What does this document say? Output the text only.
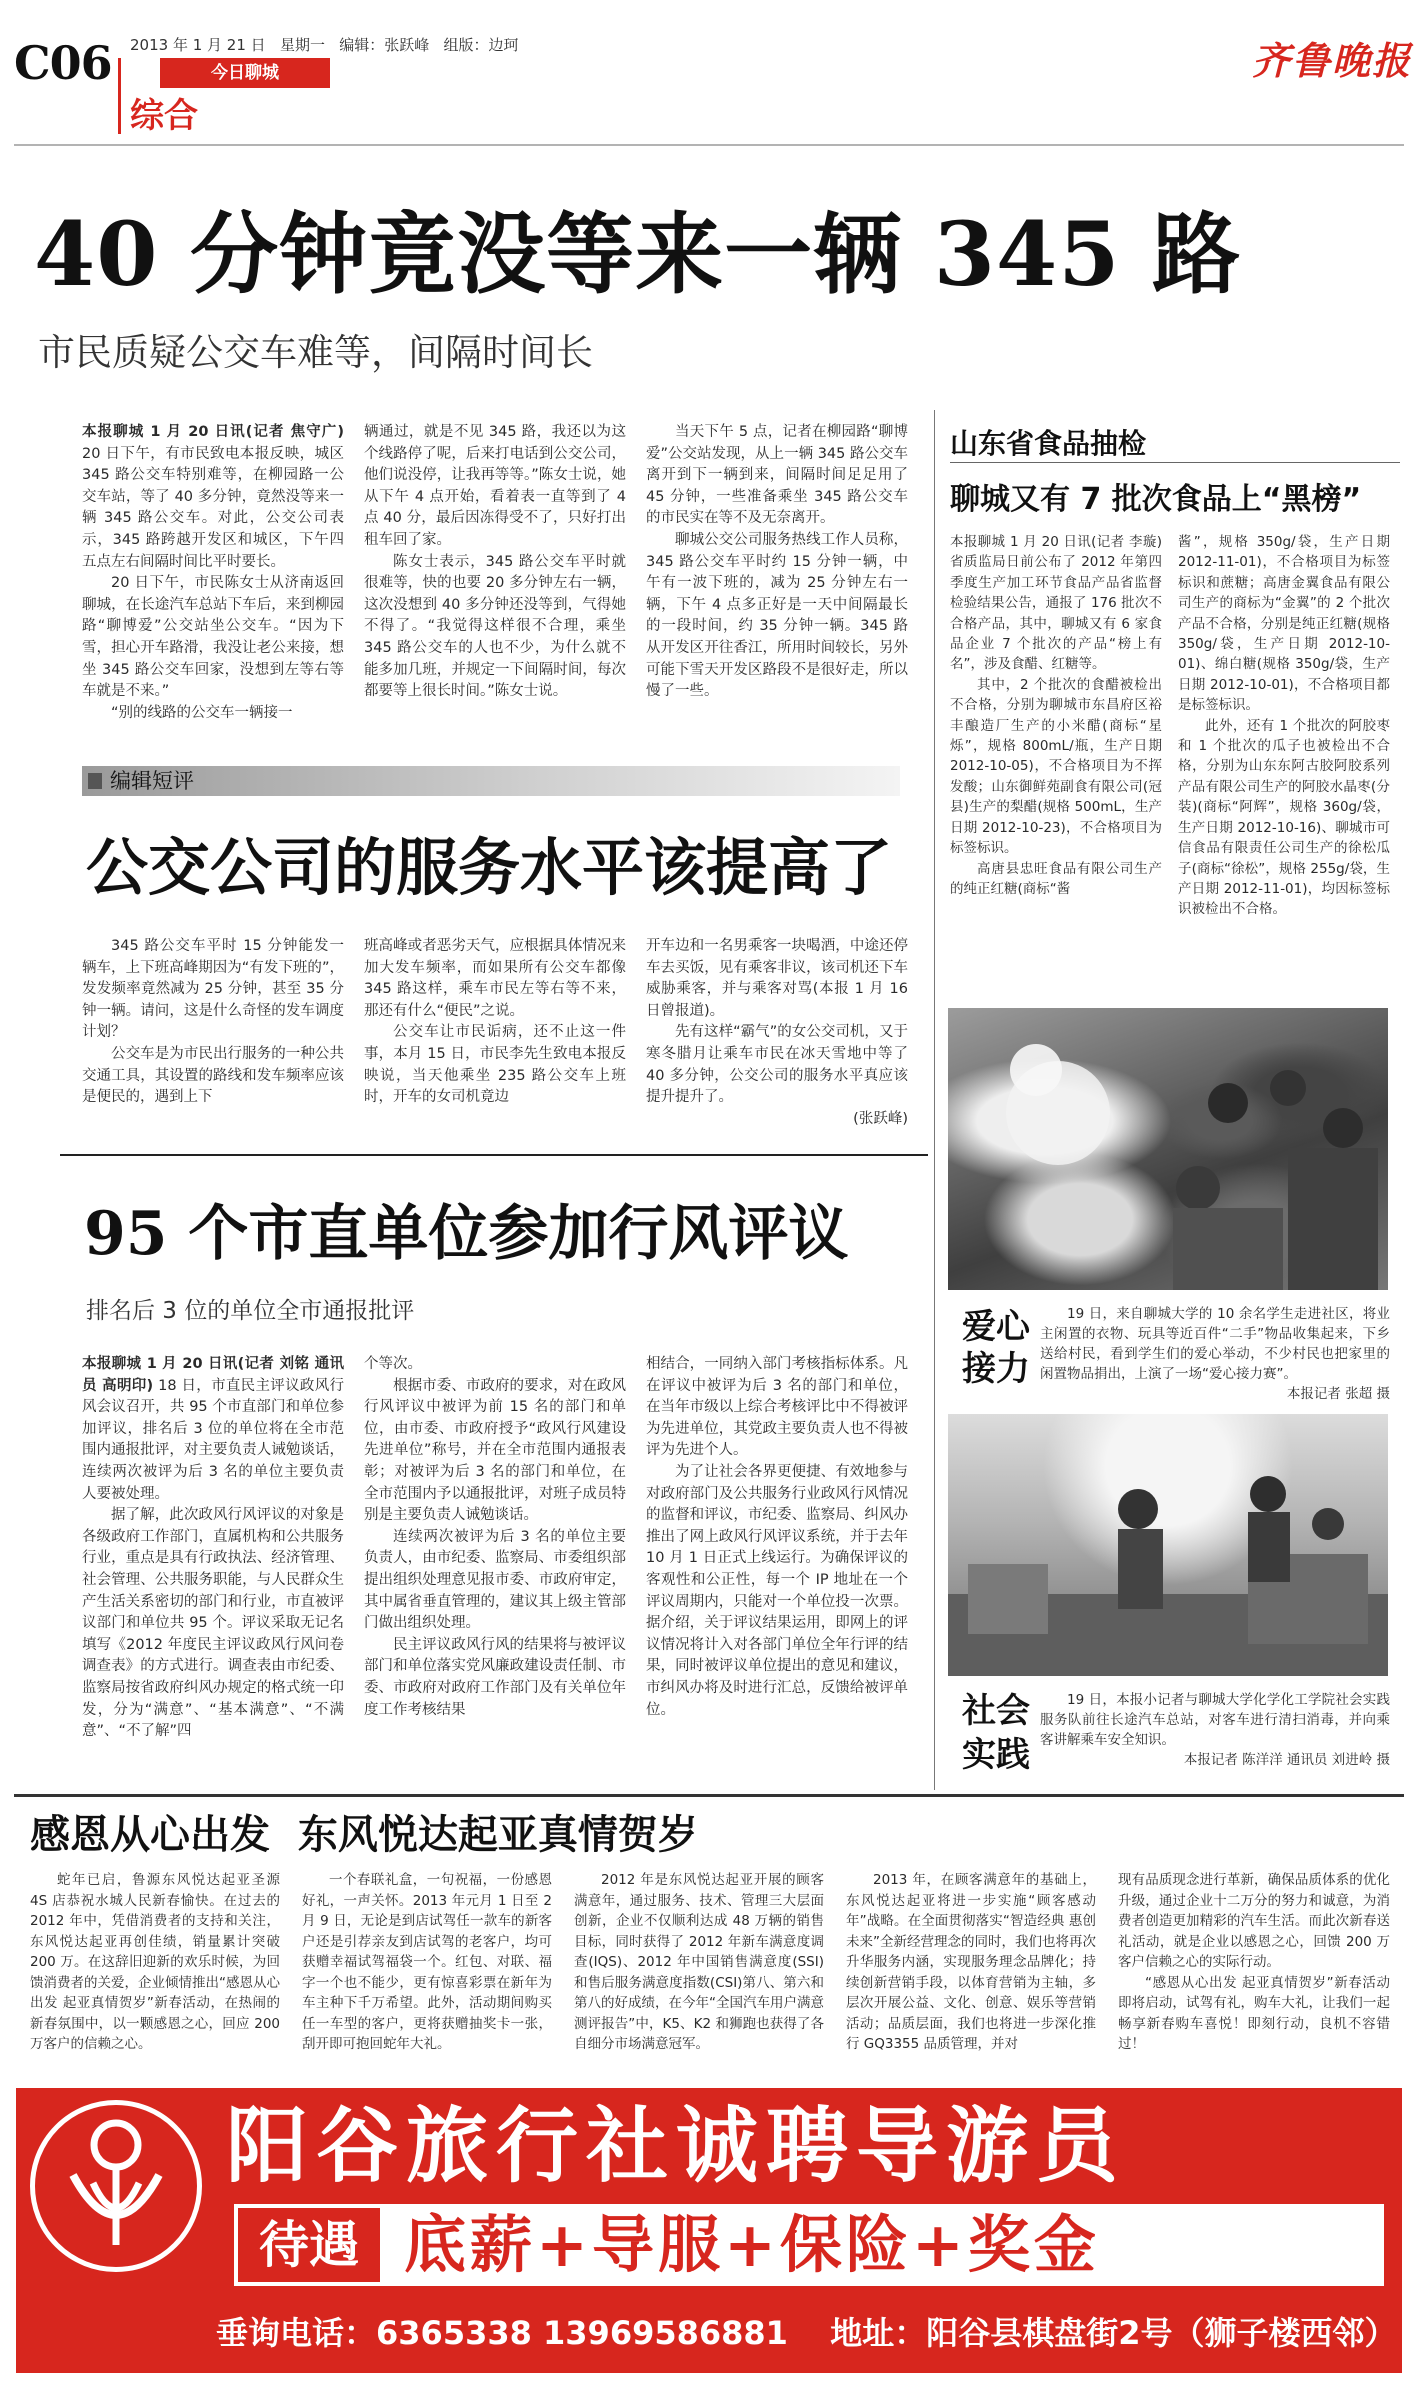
C06 2013 年 1 月 21 日   星期一   编辑：张跃峰   组版：边珂
今日聊城
综合
齐鲁晚报
40 分钟竟没等来一辆 345 路
市民质疑公交车难等，间隔时间长

本报聊城 1 月 20 日讯(记者 焦守广) 20 日下午，有市民致电本报反映，城区 345 路公交车特别难等，在柳园路一公交车站，等了 40 多分钟，竟然没等来一辆 345 路公交车。对此，公交公司表示，345 路跨越开发区和城区，下午四五点左右间隔时间比平时要长。

20 日下午，市民陈女士从济南返回聊城，在长途汽车总站下车后，来到柳园路“聊博爱”公交站坐公交车。“因为下雪，担心开车路滑，我没让老公来接，想坐 345 路公交车回家，没想到左等右等车就是不来。”

“别的线路的公交车一辆接一

辆通过，就是不见 345 路，我还以为这个线路停了呢，后来打电话到公交公司，他们说没停，让我再等等。”陈女士说，她从下午 4 点开始，看着表一直等到了 4 点 40 分，最后因冻得受不了，只好打出租车回了家。

陈女士表示，345 路公交车平时就很难等，快的也要 20 多分钟左右一辆，这次没想到 40 多分钟还没等到，气得她不得了。“我觉得这样很不合理，乘坐 345 路公交车的人也不少，为什么就不能多加几班，并规定一下间隔时间，每次都要等上很长时间。”陈女士说。

当天下午 5 点，记者在柳园路“聊博爱”公交站发现，从上一辆 345 路公交车离开到下一辆到来，间隔时间足足用了 45 分钟，一些准备乘坐 345 路公交车的市民实在等不及无奈离开。

聊城公交公司服务热线工作人员称，345 路公交车平时约 15 分钟一辆，中午有一波下班的，减为 25 分钟左右一辆，下午 4 点多正好是一天中间隔最长的一段时间，约 35 分钟一辆。345 路从开发区开往香江，所用时间较长，另外可能下雪天开发区路段不是很好走，所以慢了一些。

编辑短评
公交公司的服务水平该提高了

345 路公交车平时 15 分钟能发一辆车，上下班高峰期因为“有发下班的”，发发频率竟然减为 25 分钟，甚至 35 分钟一辆。请问，这是什么奇怪的发车调度计划？

公交车是为市民出行服务的一种公共交通工具，其设置的路线和发车频率应该是便民的，遇到上下

班高峰或者恶劣天气，应根据具体情况来加大发车频率，而如果所有公交车都像 345 路这样，乘车市民左等右等不来，那还有什么“便民”之说。

公交车让市民诟病，还不止这一件事，本月 15 日，市民李先生致电本报反映说，当天他乘坐 235 路公交车上班时，开车的女司机竟边

开车边和一名男乘客一块喝酒，中途还停车去买饭，见有乘客非议，该司机还下车威胁乘客，并与乘客对骂(本报 1 月 16 日曾报道)。

先有这样“霸气”的女公交司机，又于寒冬腊月让乘车市民在冰天雪地中等了 40 多分钟，公交公司的服务水平真应该提升提升了。

(张跃峰)

95 个市直单位参加行风评议
排名后 3 位的单位全市通报批评

本报聊城 1 月 20 日讯(记者 刘铭 通讯员 高明印) 18 日，市直民主评议政风行风会议召开，共 95 个市直部门和单位参加评议，排名后 3 位的单位将在全市范围内通报批评，对主要负责人诫勉谈话，连续两次被评为后 3 名的单位主要负责人要被处理。

据了解，此次政风行风评议的对象是各级政府工作部门，直属机构和公共服务行业，重点是具有行政执法、经济管理、社会管理、公共服务职能，与人民群众生产生活关系密切的部门和行业，市直被评议部门和单位共 95 个。评议采取无记名填写《2012 年度民主评议政风行风问卷调查表》的方式进行。调查表由市纪委、监察局按省政府纠风办规定的格式统一印发，分为“满意”、“基本满意”、“不满意”、“不了解”四

个等次。

根据市委、市政府的要求，对在政风行风评议中被评为前 15 名的部门和单位，由市委、市政府授予“政风行风建设先进单位”称号，并在全市范围内通报表彰；对被评为后 3 名的部门和单位，在全市范围内予以通报批评，对班子成员特别是主要负责人诫勉谈话。

连续两次被评为后 3 名的单位主要负责人，由市纪委、监察局、市委组织部提出组织处理意见报市委、市政府审定，其中属省垂直管理的，建议其上级主管部门做出组织处理。

民主评议政风行风的结果将与被评议部门和单位落实党风廉政建设责任制、市委、市政府对政府工作部门及有关单位年度工作考核结果

相结合，一同纳入部门考核指标体系。凡在评议中被评为后 3 名的部门和单位，在当年市级以上综合考核评比中不得被评为先进单位，其党政主要负责人也不得被评为先进个人。

为了让社会各界更便捷、有效地参与对政府部门及公共服务行业政风行风情况的监督和评议，市纪委、监察局、纠风办推出了网上政风行风评议系统，并于去年 10 月 1 日正式上线运行。为确保评议的客观性和公正性，每一个 IP 地址在一个评议周期内，只能对一个单位投一次票。据介绍，关于评议结果运用，即网上的评议情况将计入对各部门单位全年行评的结果，同时被评议单位提出的意见和建议，市纠风办将及时进行汇总，反馈给被评单位。

山东省食品抽检
聊城又有 7 批次食品上“黑榜”

本报聊城 1 月 20 日讯(记者 李璇) 省质监局日前公布了 2012 年第四季度生产加工环节食品产品省监督检验结果公告，通报了 176 批次不合格产品，其中，聊城又有 6 家食品企业 7 个批次的产品“榜上有名”，涉及食醋、红糖等。

其中，2 个批次的食醋被检出不合格，分别为聊城市东昌府区裕丰酿造厂生产的小米醋(商标“星烁”，规格 800mL/瓶，生产日期 2012-10-05)，不合格项目为不挥发酸；山东御鲜苑副食有限公司(冠县)生产的梨醋(规格 500mL，生产日期 2012-10-23)，不合格项目为标签标识。

高唐县忠旺食品有限公司生产的纯正红糖(商标“酱

酱”，规格 350g/袋，生产日期 2012-11-01)，不合格项目为标签标识和蔗糖；高唐金翼食品有限公司生产的商标为“金翼”的 2 个批次产品不合格，分别是纯正红糖(规格 350g/袋，生产日期 2012-10-01)、绵白糖(规格 350g/袋，生产日期 2012-10-01)，不合格项目都是标签标识。

此外，还有 1 个批次的阿胶枣和 1 个批次的瓜子也被检出不合格，分别为山东东阿古胶阿胶系列产品有限公司生产的阿胶水晶枣(分装)(商标“阿辉”，规格 360g/袋，生产日期 2012-10-16)、聊城市可信食品有限责任公司生产的徐松瓜子(商标“徐松”，规格 255g/袋，生产日期 2012-11-01)，均因标签标识被检出不合格。

爱心
接力

19 日，来自聊城大学的 10 余名学生走进社区，将业主闲置的衣物、玩具等近百件“二手”物品收集起来，下乡送给村民，看到学生们的爱心举动，不少村民也把家里的闲置物品捐出，上演了一场“爱心接力赛”。

本报记者 张超 摄

社会
实践

19 日，本报小记者与聊城大学化学化工学院社会实践服务队前往长途汽车总站，对客车进行清扫消毒，并向乘客讲解乘车安全知识。

本报记者 陈洋洋 通讯员 刘进岭 摄

感恩从心出发  东风悦达起亚真情贺岁

蛇年已启，鲁源东风悦达起亚圣源 4S 店恭祝水城人民新春愉快。在过去的 2012 年中，凭借消费者的支持和关注，东风悦达起亚再创佳绩，销量累计突破 200 万。在这辞旧迎新的欢乐时候，为回馈消费者的关爱，企业倾情推出“感恩从心出发 起亚真情贺岁”新春活动，在热闹的新春氛围中，以一颗感恩之心，回应 200 万客户的信赖之心。

一个春联礼盒，一句祝福，一份感恩好礼，一声关怀。2013 年元月 1 日至 2 月 9 日，无论是到店试驾任一款车的新客户还是引荐亲友到店试驾的老客户，均可获赠幸福试驾福袋一个。红包、对联、福字一个也不能少，更有惊喜彩票在新年为车主种下千万希望。此外，活动期间购买任一车型的客户，更将获赠抽奖卡一张，刮开即可抱回蛇年大礼。

2012 年是东风悦达起亚开展的顾客满意年，通过服务、技术、管理三大层面创新，企业不仅顺利达成 48 万辆的销售目标，同时获得了 2012 年新车满意度调查(IQS)、2012 年中国销售满意度(SSI)和售后服务满意度指数(CSI)第八、第六和第八的好成绩，在今年“全国汽车用户满意测评报告”中，K5、K2 和狮跑也获得了各自细分市场满意冠军。

2013 年，在顾客满意年的基础上，东风悦达起亚将进一步实施“顾客感动年”战略。在全面贯彻落实“智造经典 惠创未来”全新经营理念的同时，我们也将再次升华服务内涵，实现服务理念品牌化；持续创新营销手段，以体育营销为主轴，多层次开展公益、文化、创意、娱乐等营销活动；品质层面，我们也将进一步深化推行 GQ3355 品质管理，并对

现有品质现念进行革新，确保品质体系的优化升级，通过企业十二万分的努力和诚意，为消费者创造更加精彩的汽车生活。而此次新春送礼活动，就是企业以感恩之心，回馈 200 万客户信赖之心的实际行动。

“感恩从心出发 起亚真情贺岁”新春活动即将启动，试驾有礼，购车大礼，让我们一起畅享新春购车喜悦！即刻行动，良机不容错过！

阳谷旅行社诚聘导游员
待遇 底薪+导服+保险+奖金
垂询电话：6365338 13969586881 地址：阳谷县棋盘街2号（狮子楼西邻）
